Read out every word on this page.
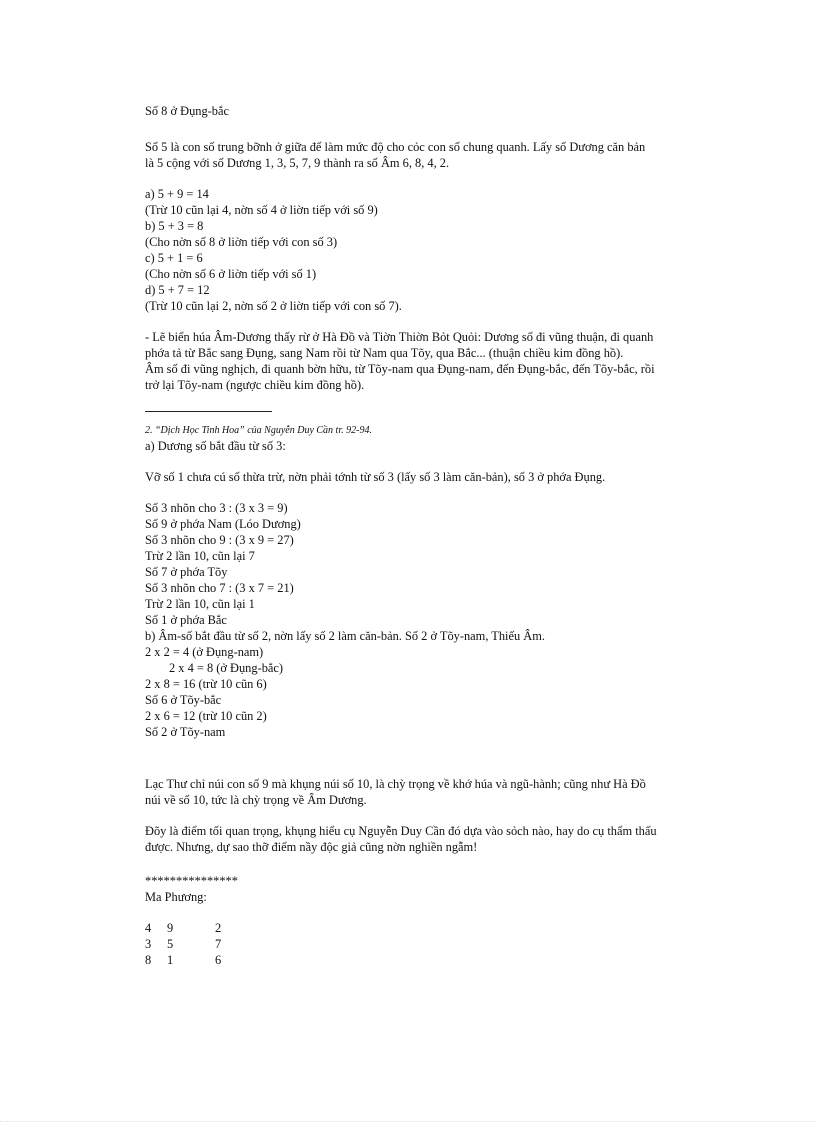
Số 8 ở Đụng-bắc

Số 5 là con số trung bỡnh ở giữa để làm mức độ cho cỏc con số chung quanh. Lấy số Dương căn bản

là 5 cộng với số Dương 1, 3, 5, 7, 9 thành ra số Âm 6, 8, 4, 2.

a) 5 + 9 = 14

(Trừ 10 cũn lại 4, nờn số 4 ở liờn tiếp với số 9)

b) 5 + 3 = 8

(Cho nờn số 8 ở liờn tiếp với con số 3)

c) 5 + 1 = 6

(Cho nờn số 6 ở liờn tiếp với số 1)

d) 5 + 7 = 12

(Trừ 10 cũn lại 2, nờn số 2 ở liờn tiếp với con số 7).

- Lẽ biến húa Âm-Dương thấy rừ ở Hà Đồ và Tiờn Thiờn Bỏt Quỏi: Dương số đi vũng thuận, đi quanh

phớa tả từ Bắc sang Đụng, sang Nam rồi từ Nam qua Tõy, qua Bắc... (thuận chiều kim đồng hồ).

Âm số đi vũng nghịch, đi quanh bờn hữu, từ Tõy-nam qua Đụng-nam, đến Đụng-bắc, đến Tõy-bắc, rồi

trở lại Tõy-nam (ngược chiều kim đồng hồ).

2. “Dịch Học Tinh Hoa” của Nguyễn Duy Cần tr. 92-94.

a) Dương số bắt đầu từ số 3:

Vỡ số 1 chưa cú số thừa trừ, nờn phải tớnh từ số 3 (lấy số 3 làm căn-bản), số 3 ở phớa Đụng.

Số 3 nhõn cho 3 : (3 x 3 = 9)

Số 9 ở phớa Nam (Lóo Dương)

Số 3 nhõn cho 9 : (3 x 9 = 27)

Trừ 2 lần 10, cũn lại 7

Số 7 ở phớa Tõy

Số 3 nhõn cho 7 : (3 x 7 = 21)

Trừ 2 lần 10, cũn lại 1

Số 1 ở phớa Bắc

b) Âm-số bắt đầu từ số 2, nờn lấy số 2 làm căn-bản. Số 2 ở Tõy-nam, Thiếu Âm.

2 x 2 = 4 (ở Đụng-nam)

2 x 4 = 8 (ở Đụng-bắc)

2 x 8 = 16 (trừ 10 cũn 6)

Số 6 ở Tõy-bắc

2 x 6 = 12 (trừ 10 cũn 2)

Số 2 ở Tõy-nam

Lạc Thư chỉ núi con số 9 mà khụng núi số 10, là chỳ trọng về khớ húa và ngũ-hành; cũng như Hà Đồ

núi về số 10, tức là chỳ trọng về Âm Dương.

Đõy là điểm tối quan trọng, khụng hiểu cụ Nguyễn Duy Cần đó dựa vào sỏch nào, hay do cụ thẩm thấu

được. Nhưng, dự sao thỡ điểm nầy độc giả cũng nờn nghiền ngẫm!

***************

Ma Phương:

4	9	2
3	5	7
8	1	6
